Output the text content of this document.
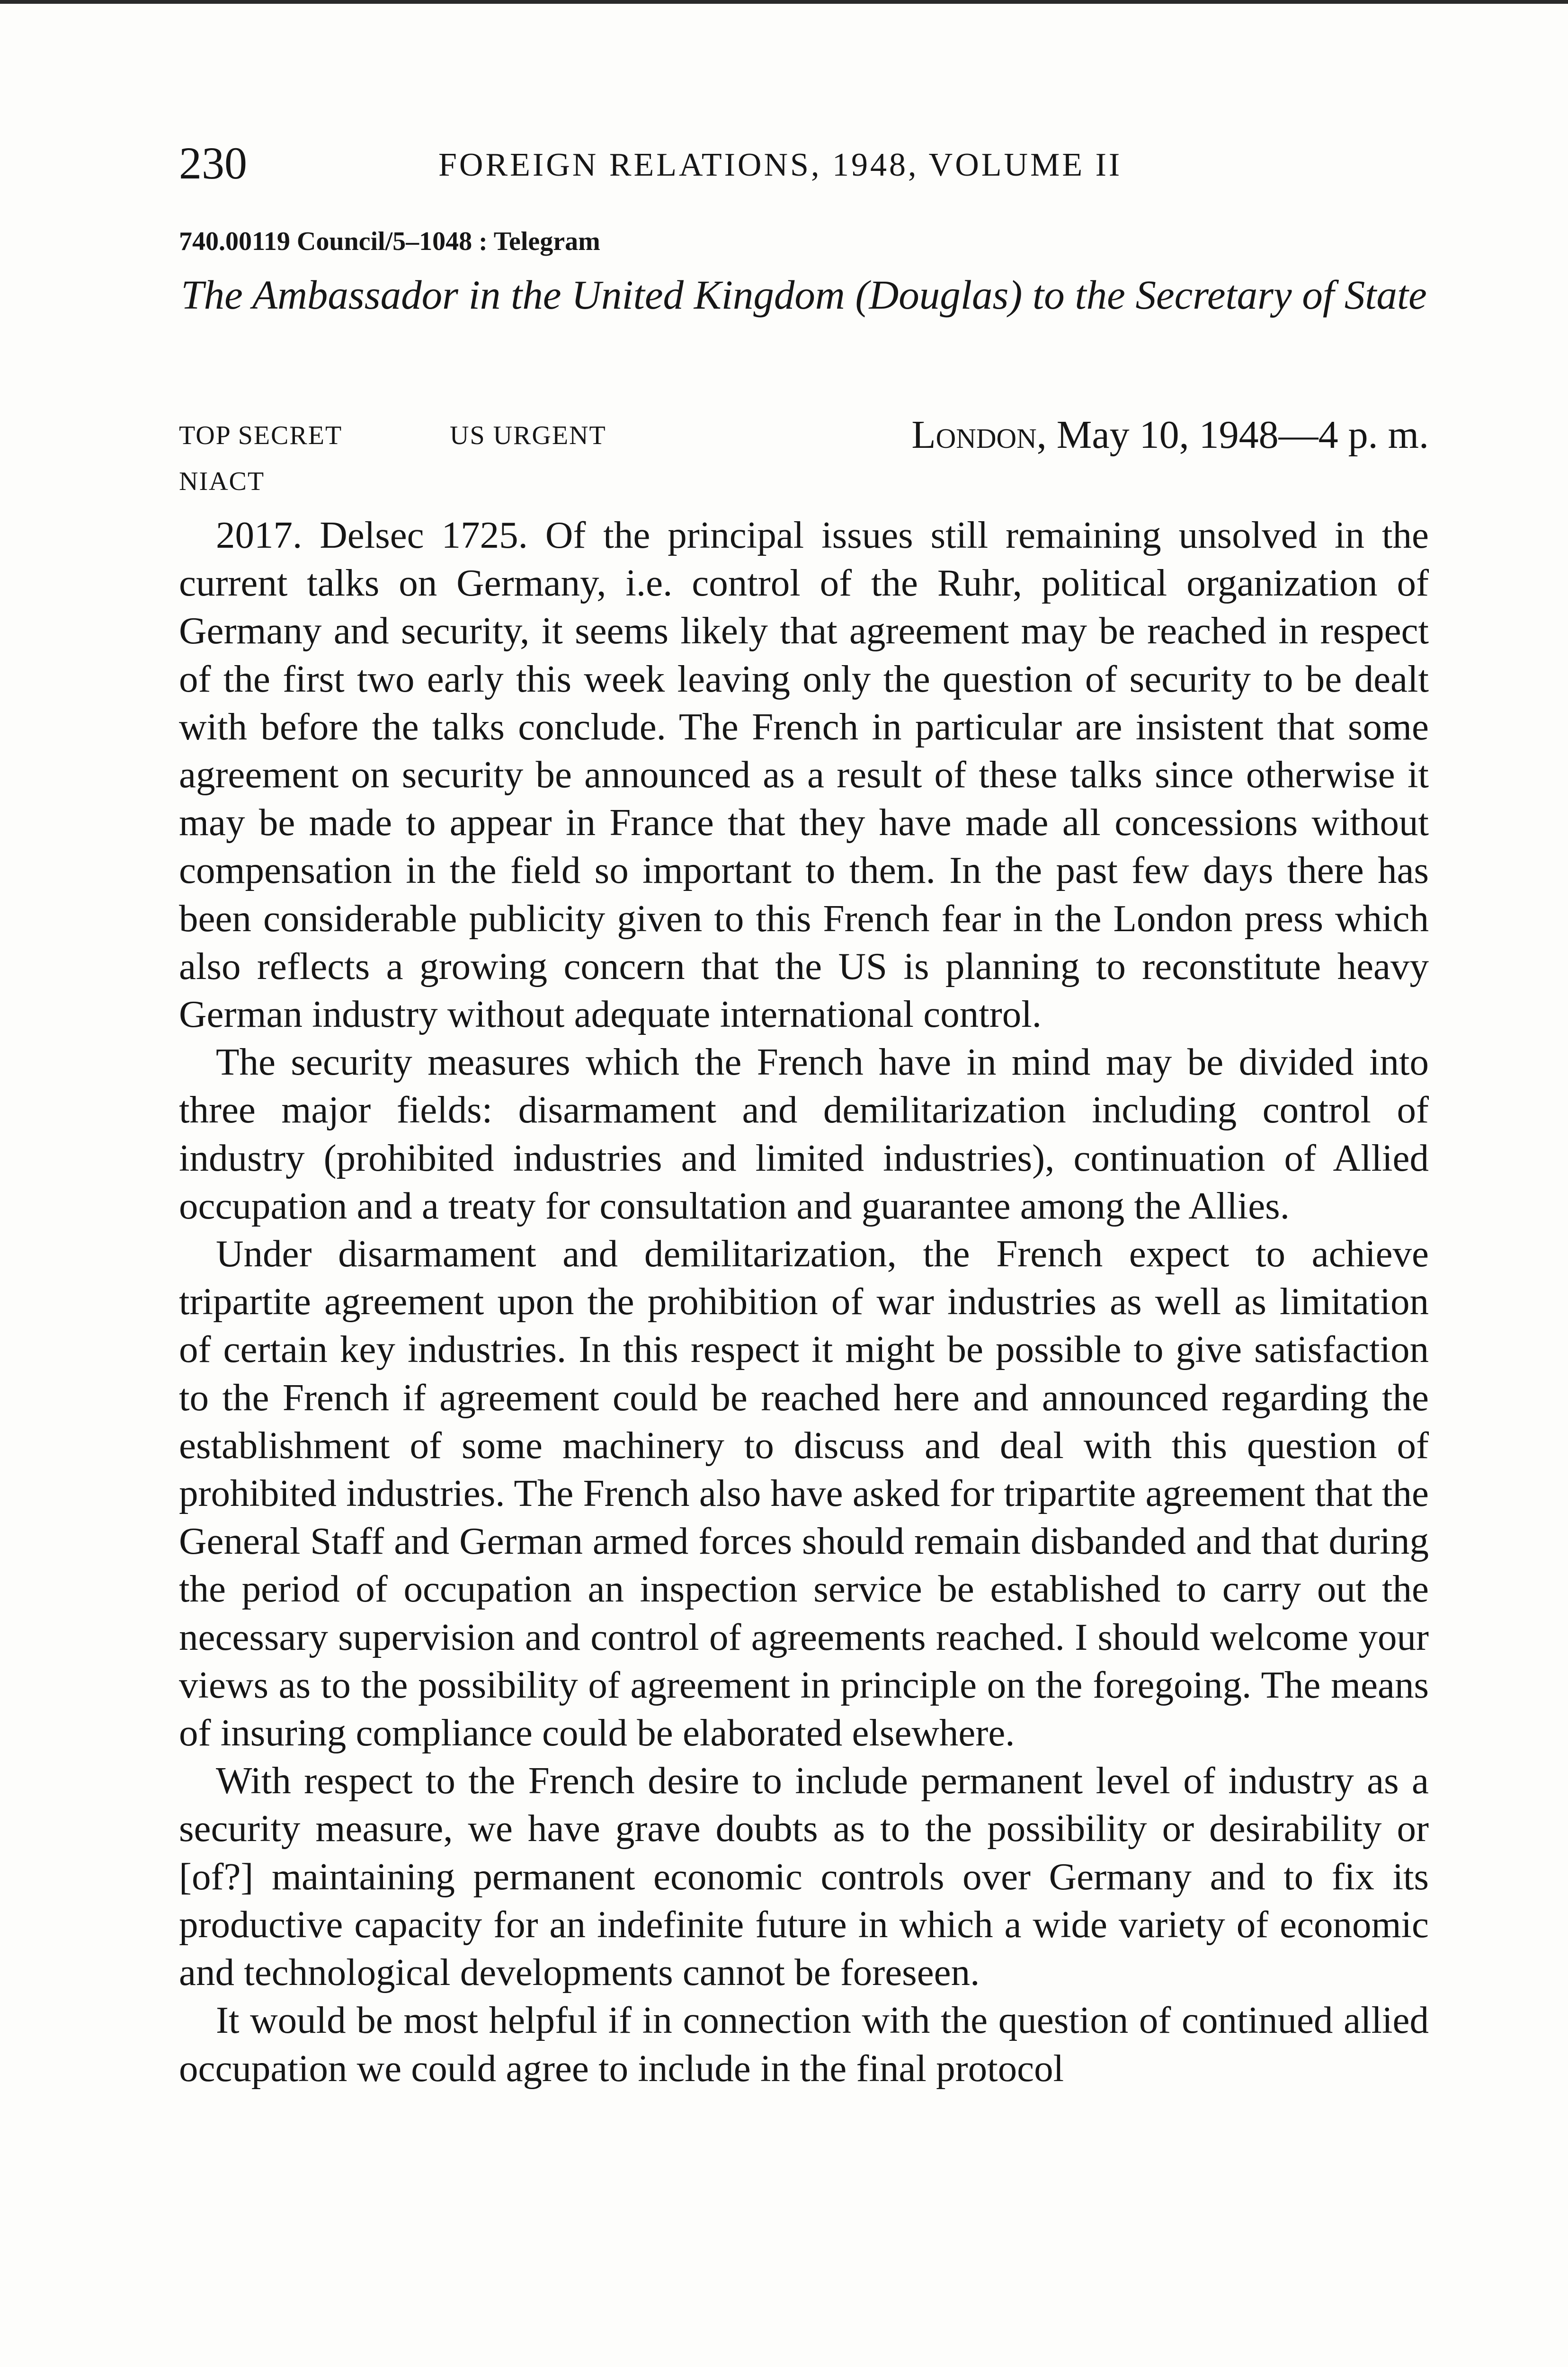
230	FOREIGN RELATIONS, 1948, VOLUME II
740.00119 Council/5–1048 : Telegram
The Ambassador in the United Kingdom (Douglas) to the Secretary of State
TOP SECRET	US URGENT	London, May 10, 1948—4 p. m.
NIACT

2017. Delsec 1725. Of the principal issues still remaining unsolved in the current talks on Germany, i.e. control of the Ruhr, political organization of Germany and security, it seems likely that agreement may be reached in respect of the first two early this week leaving only the question of security to be dealt with before the talks conclude. The French in particular are insistent that some agreement on security be announced as a result of these talks since otherwise it may be made to appear in France that they have made all concessions without compensation in the field so important to them. In the past few days there has been considerable publicity given to this French fear in the London press which also reflects a growing concern that the US is planning to reconstitute heavy German industry without adequate international control.

The security measures which the French have in mind may be divided into three major fields: disarmament and demilitarization including control of industry (prohibited industries and limited industries), continuation of Allied occupation and a treaty for consultation and guarantee among the Allies.

Under disarmament and demilitarization, the French expect to achieve tripartite agreement upon the prohibition of war industries as well as limitation of certain key industries. In this respect it might be possible to give satisfaction to the French if agreement could be reached here and announced regarding the establishment of some machinery to discuss and deal with this question of prohibited industries. The French also have asked for tripartite agreement that the General Staff and German armed forces should remain disbanded and that during the period of occupation an inspection service be established to carry out the necessary supervision and control of agreements reached. I should welcome your views as to the possibility of agreement in principle on the foregoing. The means of insuring compliance could be elaborated elsewhere.

With respect to the French desire to include permanent level of industry as a security measure, we have grave doubts as to the possibility or desirability or [of?] maintaining permanent economic controls over Germany and to fix its productive capacity for an indefinite future in which a wide variety of economic and technological developments cannot be foreseen.

It would be most helpful if in connection with the question of continued allied occupation we could agree to include in the final protocol
